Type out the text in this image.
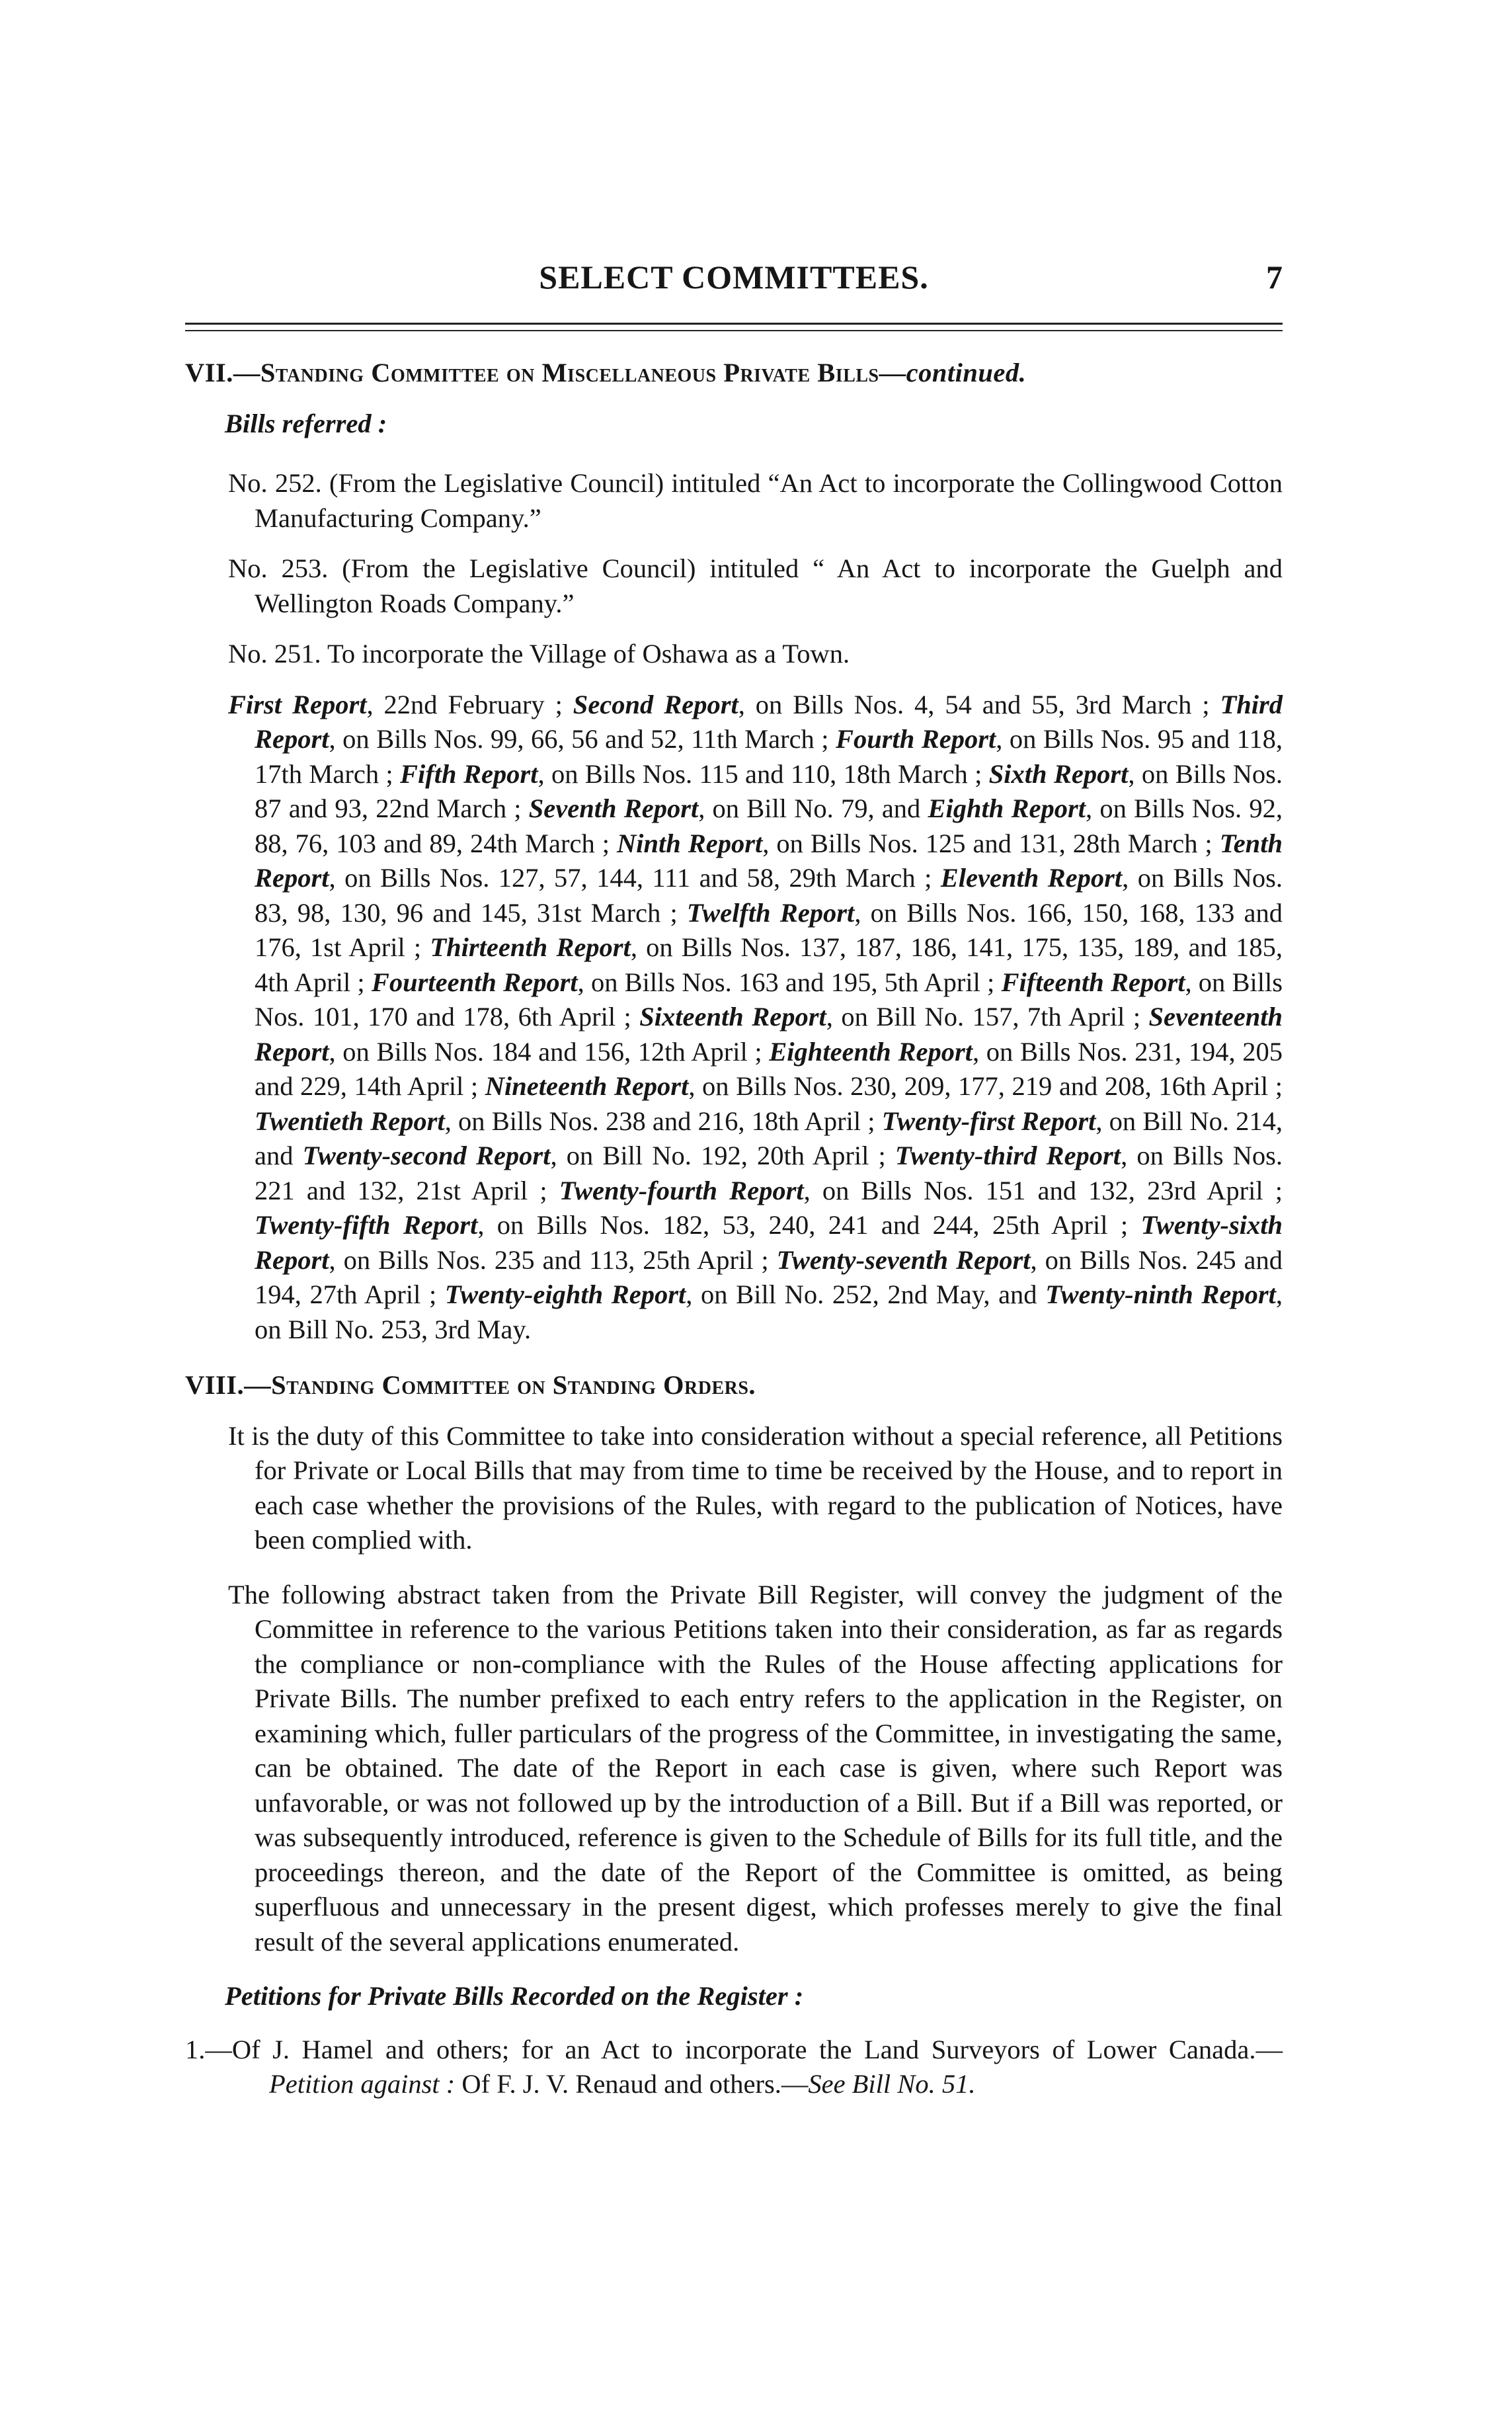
SELECT COMMITTEES.	7

VII.—Standing Committee on Miscellaneous Private Bills—continued.

Bills referred :

No. 252. (From the Legislative Council) intituled “An Act to incorporate the Collingwood Cotton Manufacturing Company.”

No. 253. (From the Legislative Council) intituled “ An Act to incorporate the Guelph and Wellington Roads Company.”

No. 251. To incorporate the Village of Oshawa as a Town.

First Report, 22nd February ; Second Report, on Bills Nos. 4, 54 and 55, 3rd March ; Third Report, on Bills Nos. 99, 66, 56 and 52, 11th March ; Fourth Report, on Bills Nos. 95 and 118, 17th March ; Fifth Report, on Bills Nos. 115 and 110, 18th March ; Sixth Report, on Bills Nos. 87 and 93, 22nd March ; Seventh Report, on Bill No. 79, and Eighth Report, on Bills Nos. 92, 88, 76, 103 and 89, 24th March ; Ninth Report, on Bills Nos. 125 and 131, 28th March ; Tenth Report, on Bills Nos. 127, 57, 144, 111 and 58, 29th March ; Eleventh Report, on Bills Nos. 83, 98, 130, 96 and 145, 31st March ; Twelfth Report, on Bills Nos. 166, 150, 168, 133 and 176, 1st April ; Thirteenth Report, on Bills Nos. 137, 187, 186, 141, 175, 135, 189, and 185, 4th April ; Fourteenth Report, on Bills Nos. 163 and 195, 5th April ; Fifteenth Report, on Bills Nos. 101, 170 and 178, 6th April ; Sixteenth Report, on Bill No. 157, 7th April ; Seventeenth Report, on Bills Nos. 184 and 156, 12th April ; Eighteenth Report, on Bills Nos. 231, 194, 205 and 229, 14th April ; Nineteenth Report, on Bills Nos. 230, 209, 177, 219 and 208, 16th April ; Twentieth Report, on Bills Nos. 238 and 216, 18th April ; Twenty-first Report, on Bill No. 214, and Twenty-second Report, on Bill No. 192, 20th April ; Twenty-third Report, on Bills Nos. 221 and 132, 21st April ; Twenty-fourth Report, on Bills Nos. 151 and 132, 23rd April ; Twenty-fifth Report, on Bills Nos. 182, 53, 240, 241 and 244, 25th April ; Twenty-sixth Report, on Bills Nos. 235 and 113, 25th April ; Twenty-seventh Report, on Bills Nos. 245 and 194, 27th April ; Twenty-eighth Report, on Bill No. 252, 2nd May, and Twenty-ninth Report, on Bill No. 253, 3rd May.

VIII.—Standing Committee on Standing Orders.

It is the duty of this Committee to take into consideration without a special reference, all Petitions for Private or Local Bills that may from time to time be received by the House, and to report in each case whether the provisions of the Rules, with regard to the publication of Notices, have been complied with.

The following abstract taken from the Private Bill Register, will convey the judgment of the Committee in reference to the various Petitions taken into their consideration, as far as regards the compliance or non-compliance with the Rules of the House affecting applications for Private Bills. The number prefixed to each entry refers to the application in the Register, on examining which, fuller particulars of the progress of the Committee, in investigating the same, can be obtained. The date of the Report in each case is given, where such Report was unfavorable, or was not followed up by the introduction of a Bill. But if a Bill was reported, or was subsequently introduced, reference is given to the Schedule of Bills for its full title, and the proceedings thereon, and the date of the Report of the Committee is omitted, as being superfluous and unnecessary in the present digest, which professes merely to give the final result of the several applications enumerated.

Petitions for Private Bills Recorded on the Register :

1.—Of J. Hamel and others; for an Act to incorporate the Land Surveyors of Lower Canada.—Petition against : Of F. J. V. Renaud and others.—See Bill No. 51.
